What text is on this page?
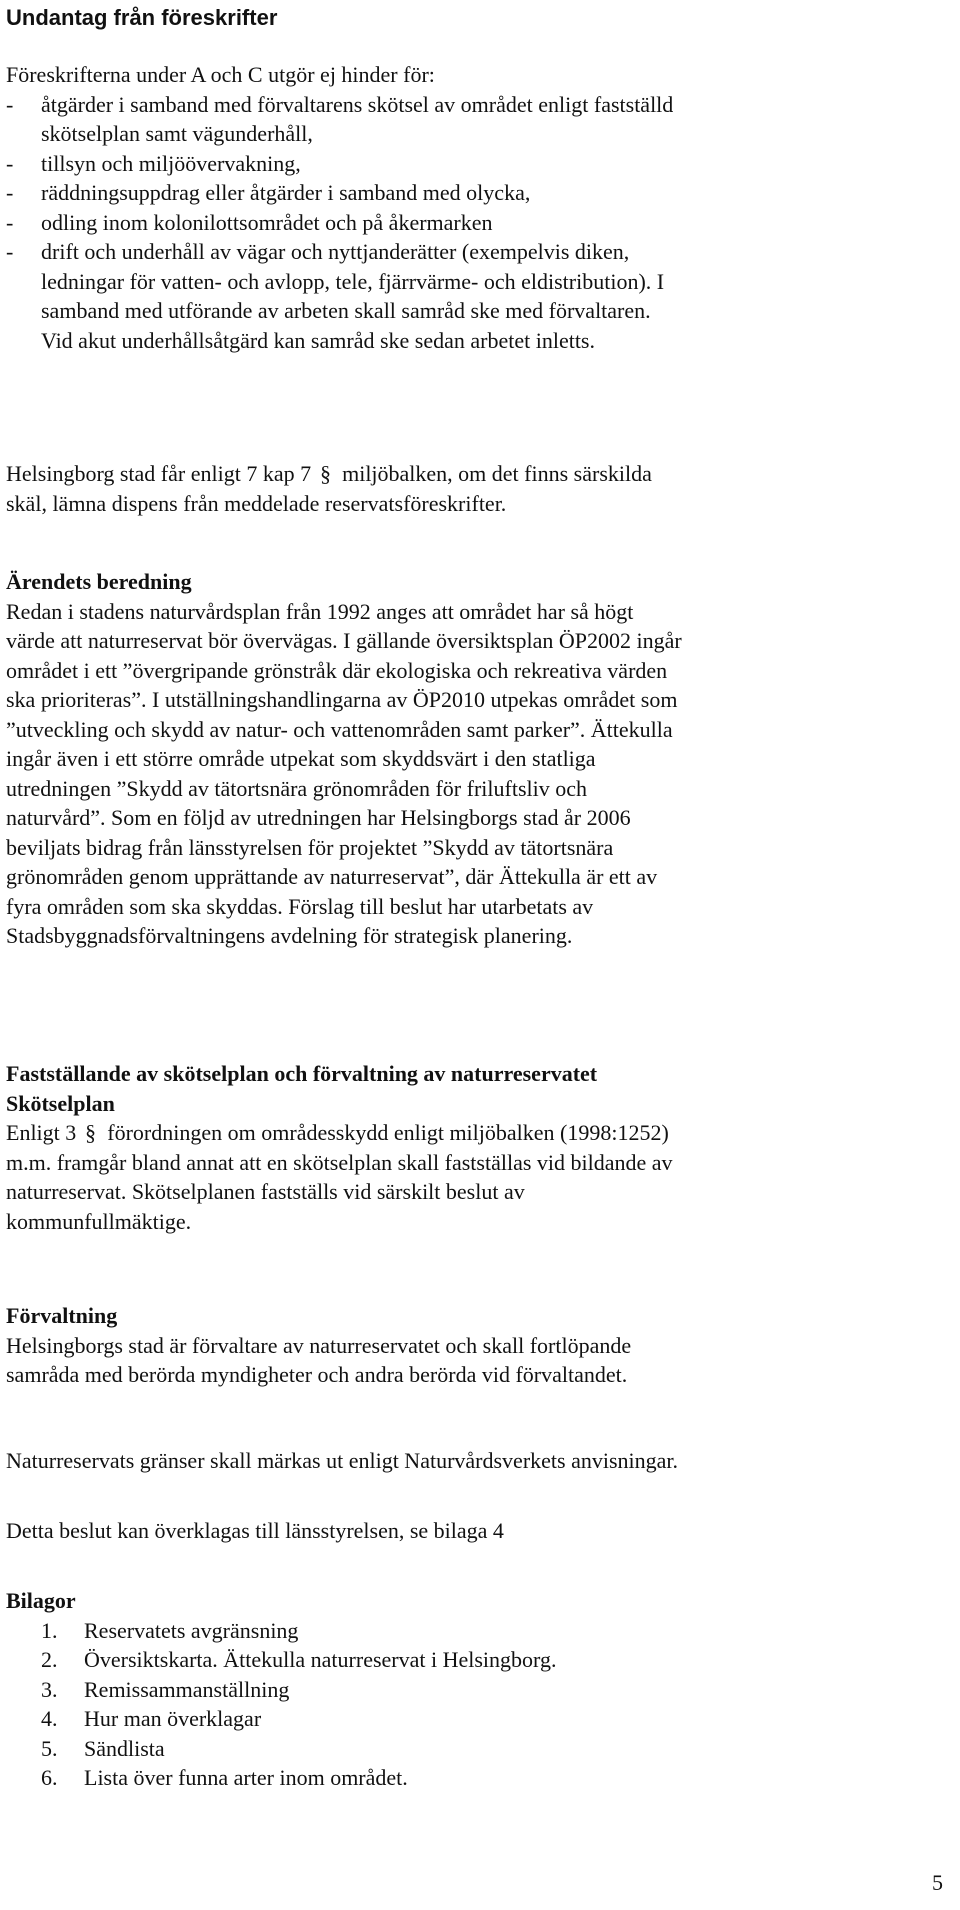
Undantag från föreskrifter
Föreskrifterna under A och C utgör ej hinder för:
- åtgärder i samband med förvaltarens skötsel av området enligt fastställd
skötselplan samt vägunderhåll,
- tillsyn och miljöövervakning,
- räddningsuppdrag eller åtgärder i samband med olycka,
- odling inom kolonilottsområdet och på åkermarken
- drift och underhåll av vägar och nyttjanderätter (exempelvis diken,
ledningar för vatten- och avlopp, tele, fjärrvärme- och eldistribution). I
samband med utförande av arbeten skall samråd ske med förvaltaren.
Vid akut underhållsåtgärd kan samråd ske sedan arbetet inletts.
Helsingborg stad får enligt 7 kap 7 § miljöbalken, om det finns särskilda
skäl, lämna dispens från meddelade reservatsföreskrifter.
Ärendets beredning
Redan i stadens naturvårdsplan från 1992 anges att området har så högt
värde att naturreservat bör övervägas. I gällande översiktsplan ÖP2002 ingår
området i ett ”övergripande grönstråk där ekologiska och rekreativa värden
ska prioriteras”. I utställningshandlingarna av ÖP2010 utpekas området som
”utveckling och skydd av natur- och vattenområden samt parker”. Ättekulla
ingår även i ett större område utpekat som skyddsvärt i den statliga
utredningen ”Skydd av tätortsnära grönområden för friluftsliv och
naturvård”. Som en följd av utredningen har Helsingborgs stad år 2006
beviljats bidrag från länsstyrelsen för projektet ”Skydd av tätortsnära
grönområden genom upprättande av naturreservat”, där Ättekulla är ett av
fyra områden som ska skyddas. Förslag till beslut har utarbetats av
Stadsbyggnadsförvaltningens avdelning för strategisk planering.
Fastställande av skötselplan och förvaltning av naturreservatet
Skötselplan
Enligt 3 § förordningen om områdesskydd enligt miljöbalken (1998:1252)
m.m. framgår bland annat att en skötselplan skall fastställas vid bildande av
naturreservat. Skötselplanen fastställs vid särskilt beslut av
kommunfullmäktige.
Förvaltning
Helsingborgs stad är förvaltare av naturreservatet och skall fortlöpande
samråda med berörda myndigheter och andra berörda vid förvaltandet.
Naturreservats gränser skall märkas ut enligt Naturvårdsverkets anvisningar.
Detta beslut kan överklagas till länsstyrelsen, se bilaga 4
Bilagor
1. Reservatets avgränsning
2. Översiktskarta. Ättekulla naturreservat i Helsingborg.
3. Remissammanställning
4. Hur man överklagar
5. Sändlista
6. Lista över funna arter inom området.
5
